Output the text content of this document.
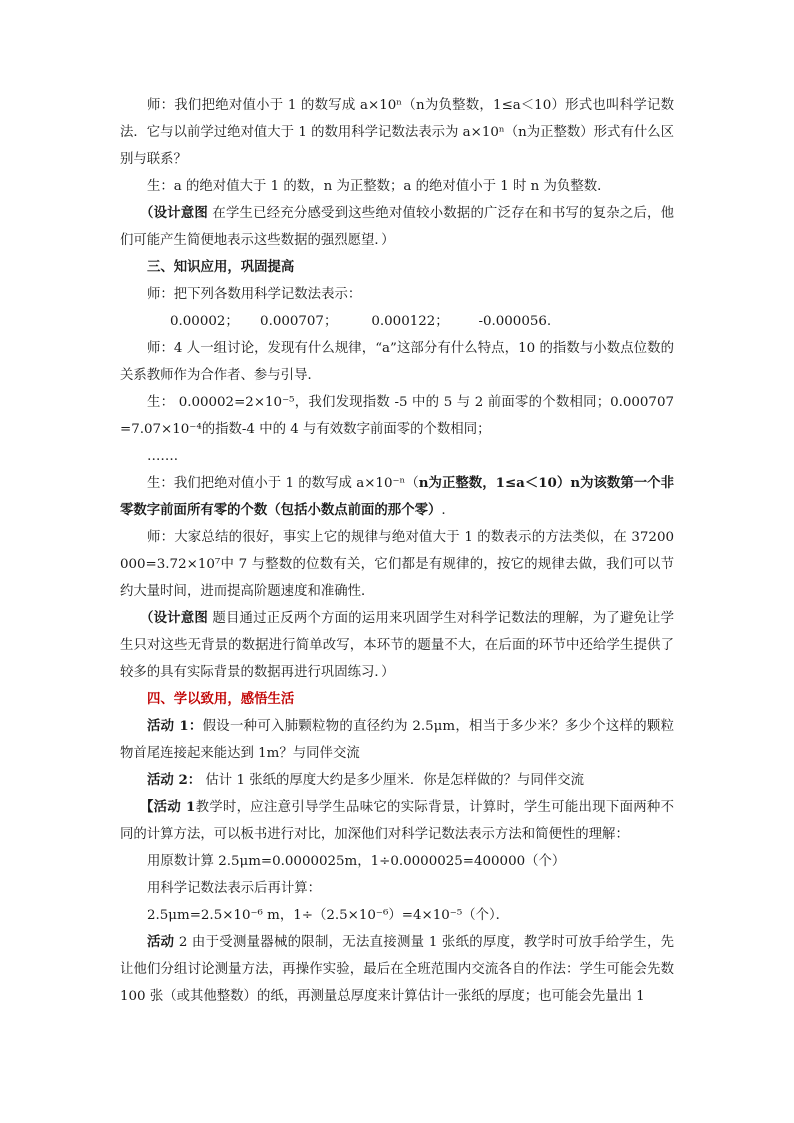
师：我们把绝对值小于 1 的数写成 a×10ⁿ（n为负整数，1≤a＜10）形式也叫科学记数法．它与以前学过绝对值大于 1 的数用科学记数法表示为 a×10ⁿ（n为正整数）形式有什么区别与联系？

生：a 的绝对值大于 1 的数，n 为正整数；a 的绝对值小于 1 时 n 为负整数．

（设计意图 在学生已经充分感受到这些绝对值较小数据的广泛存在和书写的复杂之后，他们可能产生简便地表示这些数据的强烈愿望．）

三、知识应用，巩固提高

师：把下列各数用科学记数法表示：

0.00002；     0.000707；        0.000122；       -0.000056.

师：4 人一组讨论，发现有什么规律，“a”这部分有什么特点，10 的指数与小数点位数的关系教师作为合作者、参与引导．

生： 0.00002=2×10⁻⁵，我们发现指数 -5 中的 5 与 2 前面零的个数相同；0.000707=7.07×10⁻⁴的指数-4 中的 4 与有效数字前面零的个数相同；

…….

生：我们把绝对值小于 1 的数写成 a×10⁻ⁿ（n为正整数，1≤a＜10）n为该数第一个非零数字前面所有零的个数（包括小数点前面的那个零）.

师：大家总结的很好，事实上它的规律与绝对值大于 1 的数表示的方法类似，在 37200000=3.72×10⁷中 7 与整数的位数有关，它们都是有规律的，按它的规律去做，我们可以节约大量时间，进而提高阶题速度和准确性．

（设计意图 题目通过正反两个方面的运用来巩固学生对科学记数法的理解，为了避免让学生只对这些无背景的数据进行简单改写，本环节的题量不大，在后面的环节中还给学生提供了较多的具有实际背景的数据再进行巩固练习．）

四、学以致用，感悟生活

活动 1：假设一种可入肺颗粒物的直径约为 2.5μm，相当于多少米？多少个这样的颗粒物首尾连接起来能达到 1m？与同伴交流

活动 2： 估计 1 张纸的厚度大约是多少厘米．你是怎样做的？与同伴交流

【活动 1教学时，应注意引导学生品味它的实际背景，计算时，学生可能出现下面两种不同的计算方法，可以板书进行对比，加深他们对科学记数法表示方法和简便性的理解：

用原数计算 2.5μm=0.0000025m，1÷0.0000025=400000（个）

用科学记数法表示后再计算：

2.5μm=2.5×10⁻⁶ m，1÷（2.5×10⁻⁶）=4×10⁻⁵（个）．

活动 2 由于受测量器械的限制，无法直接测量 1 张纸的厚度，教学时可放手给学生，先让他们分组讨论测量方法，再操作实验，最后在全班范围内交流各自的作法：学生可能会先数 100 张（或其他整数）的纸，再测量总厚度来计算估计一张纸的厚度；也可能会先量出 1
